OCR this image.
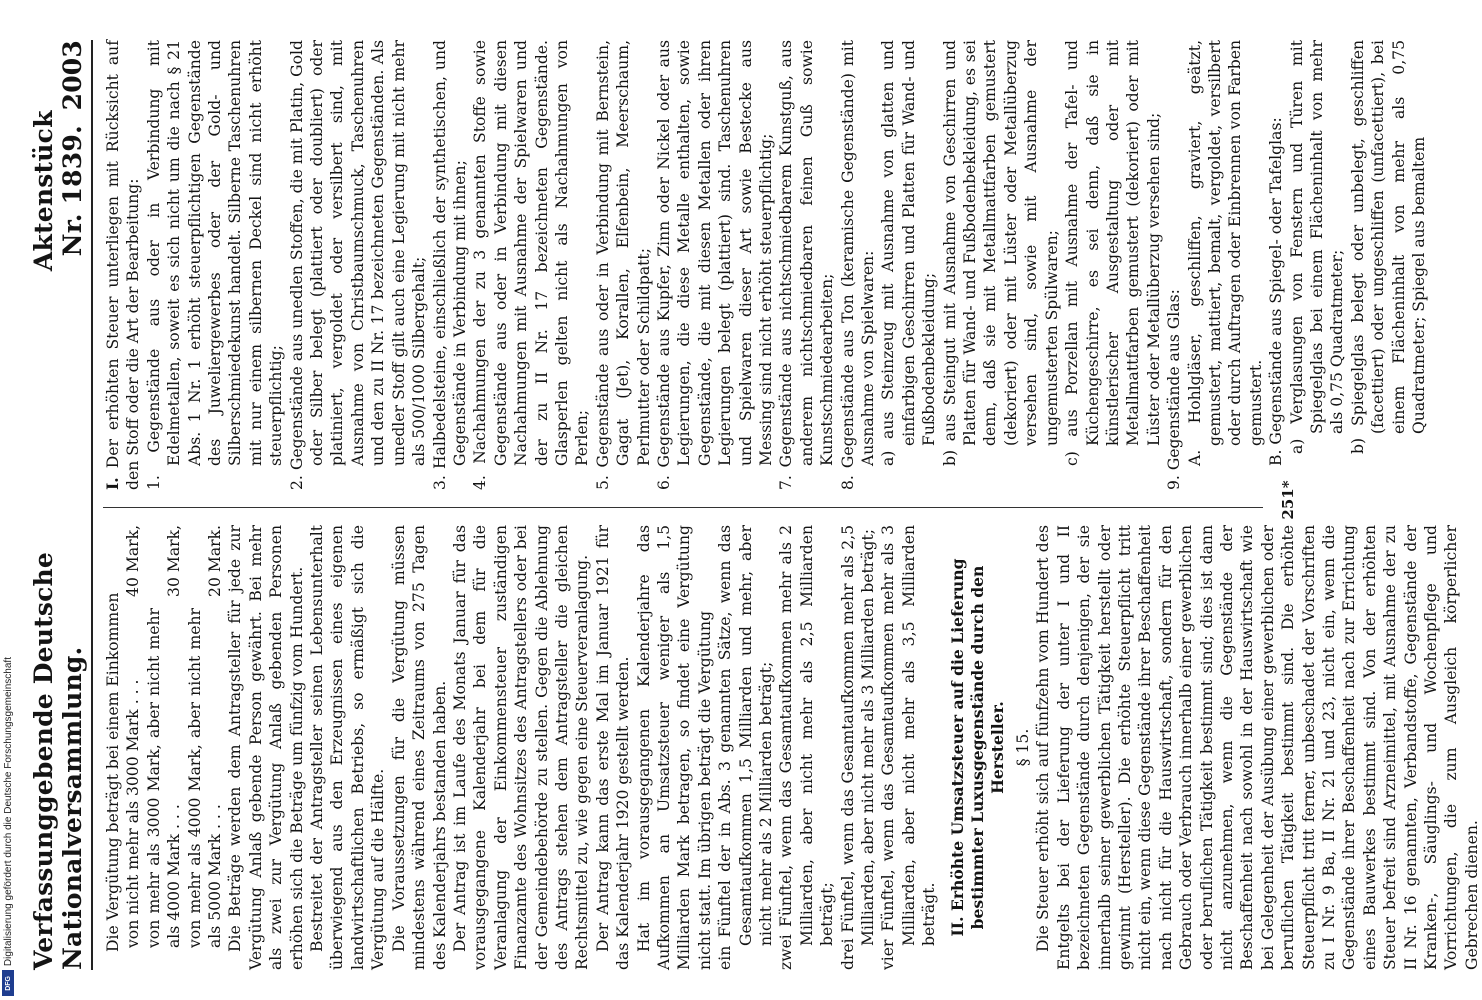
Verfassunggebende Deutsche Nationalversammlung.
Aktenstück Nr. 1839.
2003
Die Vergütung beträgt bei einem Einkommen von nicht mehr als 3000 Mark . . .
40 Mark,
von mehr als 3000 Mark, aber nicht mehr als 4000 Mark . . .
30 Mark,
von mehr als 4000 Mark, aber nicht mehr als 5000 Mark . . .
20 Mark. Die Beträge werden dem Antragsteller für jede zur Vergütung Anlaß gebende Person gewährt. Bei mehr als zwei zur Vergütung Anlaß gebenden Personen erhöhen sich die Beträge um fünfzig vom Hundert. Bestreitet der Antragsteller seinen Lebensunterhalt überwiegend aus den Erzeugnissen eines eigenen landwirtschaftlichen Betriebs, so ermäßigt sich die Vergütung auf die Hälfte. Die Voraussetzungen für die Vergütung müssen mindestens während eines Zeitraums von 275 Tagen des Kalenderjahrs bestanden haben. Der Antrag ist im Laufe des Monats Januar für das vorausgegangene Kalenderjahr bei dem für die Veranlagung der Einkommensteuer zuständigen Finanzamte des Wohnsitzes des Antragstellers oder bei der Gemeindebehörde zu stellen. Gegen die Ablehnung des Antrags stehen dem Antragsteller die gleichen Rechtsmittel zu, wie gegen eine Steuerveranlagung. Der Antrag kann das erste Mal im Januar 1921 für das Kalenderjahr 1920 gestellt werden. Hat im vorausgegangenen Kalenderjahre das Aufkommen an Umsatzsteuer weniger als 1,5 Milliarden Mark betragen, so findet eine Vergütung nicht statt. Im übrigen beträgt die Vergütung ein Fünftel der in Abs. 3 genannten Sätze, wenn das Gesamtaufkommen 1,5 Milliarden und mehr, aber nicht mehr als 2 Milliarden beträgt; zwei Fünftel, wenn das Gesamtaufkommen mehr als 2 Milliarden, aber nicht mehr als 2,5 Milliarden beträgt; drei Fünftel, wenn das Gesamtaufkommen mehr als 2,5 Milliarden, aber nicht mehr als 3 Milliarden beträgt; vier Fünftel, wenn das Gesamtaufkommen mehr als 3 Milliarden, aber nicht mehr als 3,5 Milliarden beträgt. II. Erhöhte Umsatzsteuer auf die Lieferung bestimmter Luxusgegenstände durch den Hersteller. § 15. Die Steuer erhöht sich auf fünfzehn vom Hundert des Entgelts bei der Lieferung der unter I und II bezeichneten Gegenstände durch denjenigen, der sie innerhalb seiner gewerblichen Tätigkeit herstellt oder gewinnt (Hersteller). Die erhöhte Steuerpflicht tritt nicht ein, wenn diese Gegenstände ihrer Beschaffenheit nach nicht für die Hauswirtschaft, sondern für den Gebrauch oder Verbrauch innerhalb einer gewerblichen oder beruflichen Tätigkeit bestimmt sind; dies ist dann nicht anzunehmen, wenn die Gegenstände der Beschaffenheit nach sowohl in der Hauswirtschaft wie bei Gelegenheit der Ausübung einer gewerblichen oder beruflichen Tätigkeit bestimmt sind. Die erhöhte Steuerpflicht tritt ferner, unbeschadet der Vorschriften zu I Nr. 9 Ba, II Nr. 21 und 23, nicht ein, wenn die Gegenstände ihrer Beschaffenheit nach zur Errichtung eines Bauwerkes bestimmt sind. Von der erhöhten Steuer befreit sind Arzneimittel, mit Ausnahme der zu II Nr. 16 genannten, Verbandstoffe, Gegenstände der Kranken-, Säuglings- und Wochenpflege und Vorrichtungen, die zum Ausgleich körperlicher Gebrechen dienen.
I. Der erhöhten Steuer unterliegen mit Rücksicht auf den Stoff oder die Art der Bearbeitung: 1. Gegenstände aus oder in Verbindung mit Edelmetallen, soweit es sich nicht um die nach § 21 Abs. 1 Nr. 1 erhöht steuerpflichtigen Gegenstände des Juweliergewerbes oder der Gold- und Silberschmiedekunst handelt. Silberne Taschenuhren mit nur einem silbernen Deckel sind nicht erhöht steuerpflichtig; 2. Gegenstände aus unedlen Stoffen, die mit Platin, Gold oder Silber belegt (plattiert oder doubliert) oder platiniert, vergoldet oder versilbert sind, mit Ausnahme von Christbaumschmuck, Taschenuhren und den zu II Nr. 17 bezeichneten Gegenständen. Als unedler Stoff gilt auch eine Legierung mit nicht mehr als 500/1000 Silbergehalt; 3. Halbedelsteine, einschließlich der synthetischen, und Gegenstände in Verbindung mit ihnen; 4. Nachahmungen der zu 3 genannten Stoffe sowie Gegenstände aus oder in Verbindung mit diesen Nachahmungen mit Ausnahme der Spielwaren und der zu II Nr. 17 bezeichneten Gegenstände. Glasperlen gelten nicht als Nachahmungen von Perlen; 5. Gegenstände aus oder in Verbindung mit Bernstein, Gagat (Jet), Korallen, Elfenbein, Meerschaum, Perlmutter oder Schildpatt; 6. Gegenstände aus Kupfer, Zinn oder Nickel oder aus Legierungen, die diese Metalle enthalten, sowie Gegenstände, die mit diesen Metallen oder ihren Legierungen belegt (plattiert) sind. Taschenuhren und Spielwaren dieser Art sowie Bestecke aus Messing sind nicht erhöht steuerpflichtig; 7. Gegenstände aus nichtschmiedbarem Kunstguß, aus anderem nichtschmiedbaren feinen Guß sowie Kunstschmiedearbeiten; 8. Gegenstände aus Ton (keramische Gegenstände) mit Ausnahme von Spielwaren: a) aus Steinzeug mit Ausnahme von glatten und einfarbigen Geschirren und Platten für Wand- und Fußbodenbekleidung; b) aus Steingut mit Ausnahme von Geschirren und Platten für Wand- und Fußbodenbekleidung, es sei denn, daß sie mit Metallmattfarben gemustert (dekoriert) oder mit Lüster oder Metallüberzug versehen sind, sowie mit Ausnahme der ungemusterten Spülwaren; c) aus Porzellan mit Ausnahme der Tafel- und Küchengeschirre, es sei denn, daß sie in künstlerischer Ausgestaltung oder mit Metallmattfarben gemustert (dekoriert) oder mit Lüster oder Metallüberzug versehen sind; 9. Gegenstände aus Glas: A. Hohlgläser, geschliffen, graviert, geätzt, gemustert, mattiert, bemalt, vergoldet, versilbert oder durch Auftragen oder Einbrennen von Farben gemustert. B. Gegenstände aus Spiegel- oder Tafelglas: a) Verglasungen von Fenstern und Türen mit Spiegelglas bei einem Flächeninhalt von mehr als 0,75 Quadratmeter; b) Spiegelglas belegt oder unbelegt, geschliffen (facettiert) oder ungeschliffen (unfacettiert), bei einem Flächeninhalt von mehr als 0,75 Quadratmeter; Spiegel aus bemaltem
251*
Digitalisierung gefördert durch die Deutsche Forschungsgemeinschaft
DFG
